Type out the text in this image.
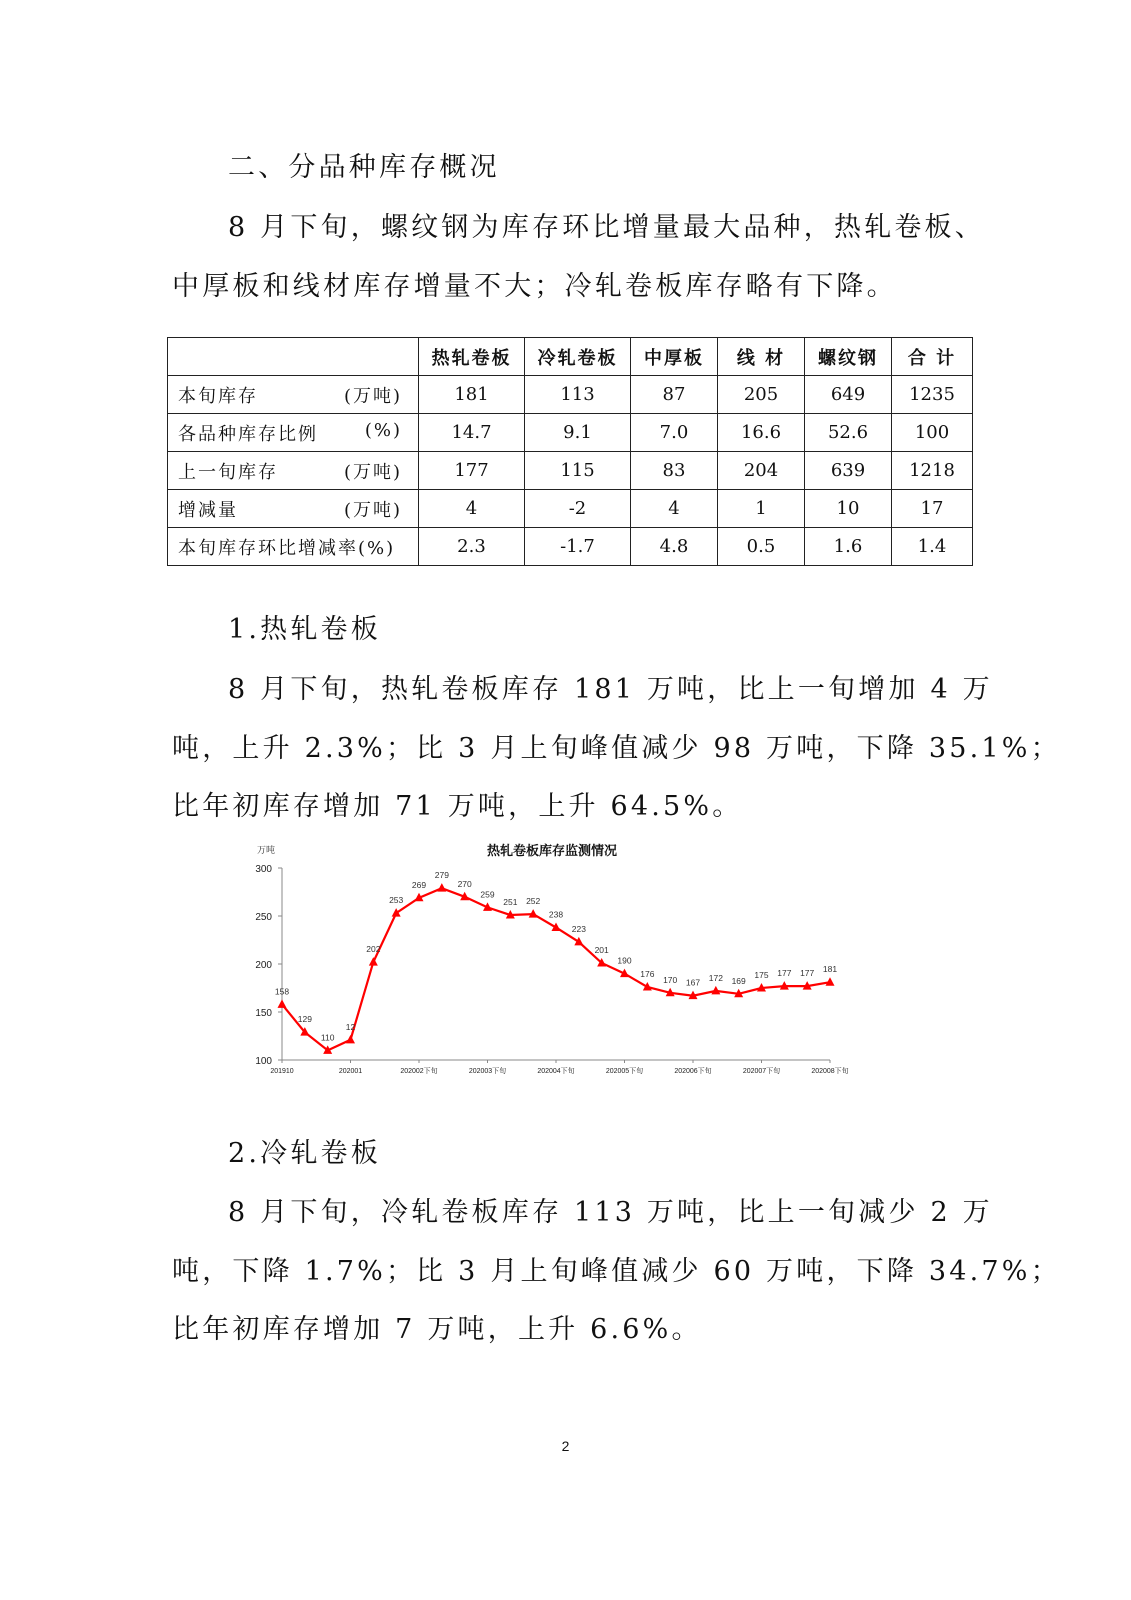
二、分品种库存概况
8 月下旬，螺纹钢为库存环比增量最大品种，热轧卷板、
中厚板和线材库存增量不大；冷轧卷板库存略有下降。
	热轧卷板	冷轧卷板	中厚板	线 材	螺纹钢	合 计
本旬库存 (万吨)	181	113	87	205	649	1235
各品种库存比例 (%)	14.7	9.1	7.0	16.6	52.6	100
上一旬库存 (万吨)	177	115	83	204	639	1218
增减量 (万吨)	4	-2	4	1	10	17
本旬库存环比增减率(%)	2.3	-1.7	4.8	0.5	1.6	1.4
1.热轧卷板
8 月下旬，热轧卷板库存 181 万吨，比上一旬增加 4 万
吨，上升 2.3%；比 3 月上旬峰值减少 98 万吨，下降 35.1%；
比年初库存增加 71 万吨，上升 64.5%。
万吨	热轧卷板库存监测情况
100
150
200
250
300
201910	202001	202002下旬	202003下旬	202004下旬	202005下旬	202006下旬	202007下旬	202008下旬
158
129
110
12
202
253
269
279
270
259
251 252
238
223
201
190
176
170 167 172 169
175 177 177 181
2.冷轧卷板
8 月下旬，冷轧卷板库存 113 万吨，比上一旬减少 2 万
吨，下降 1.7%；比 3 月上旬峰值减少 60 万吨，下降 34.7%；
比年初库存增加 7 万吨，上升 6.6%。
2
